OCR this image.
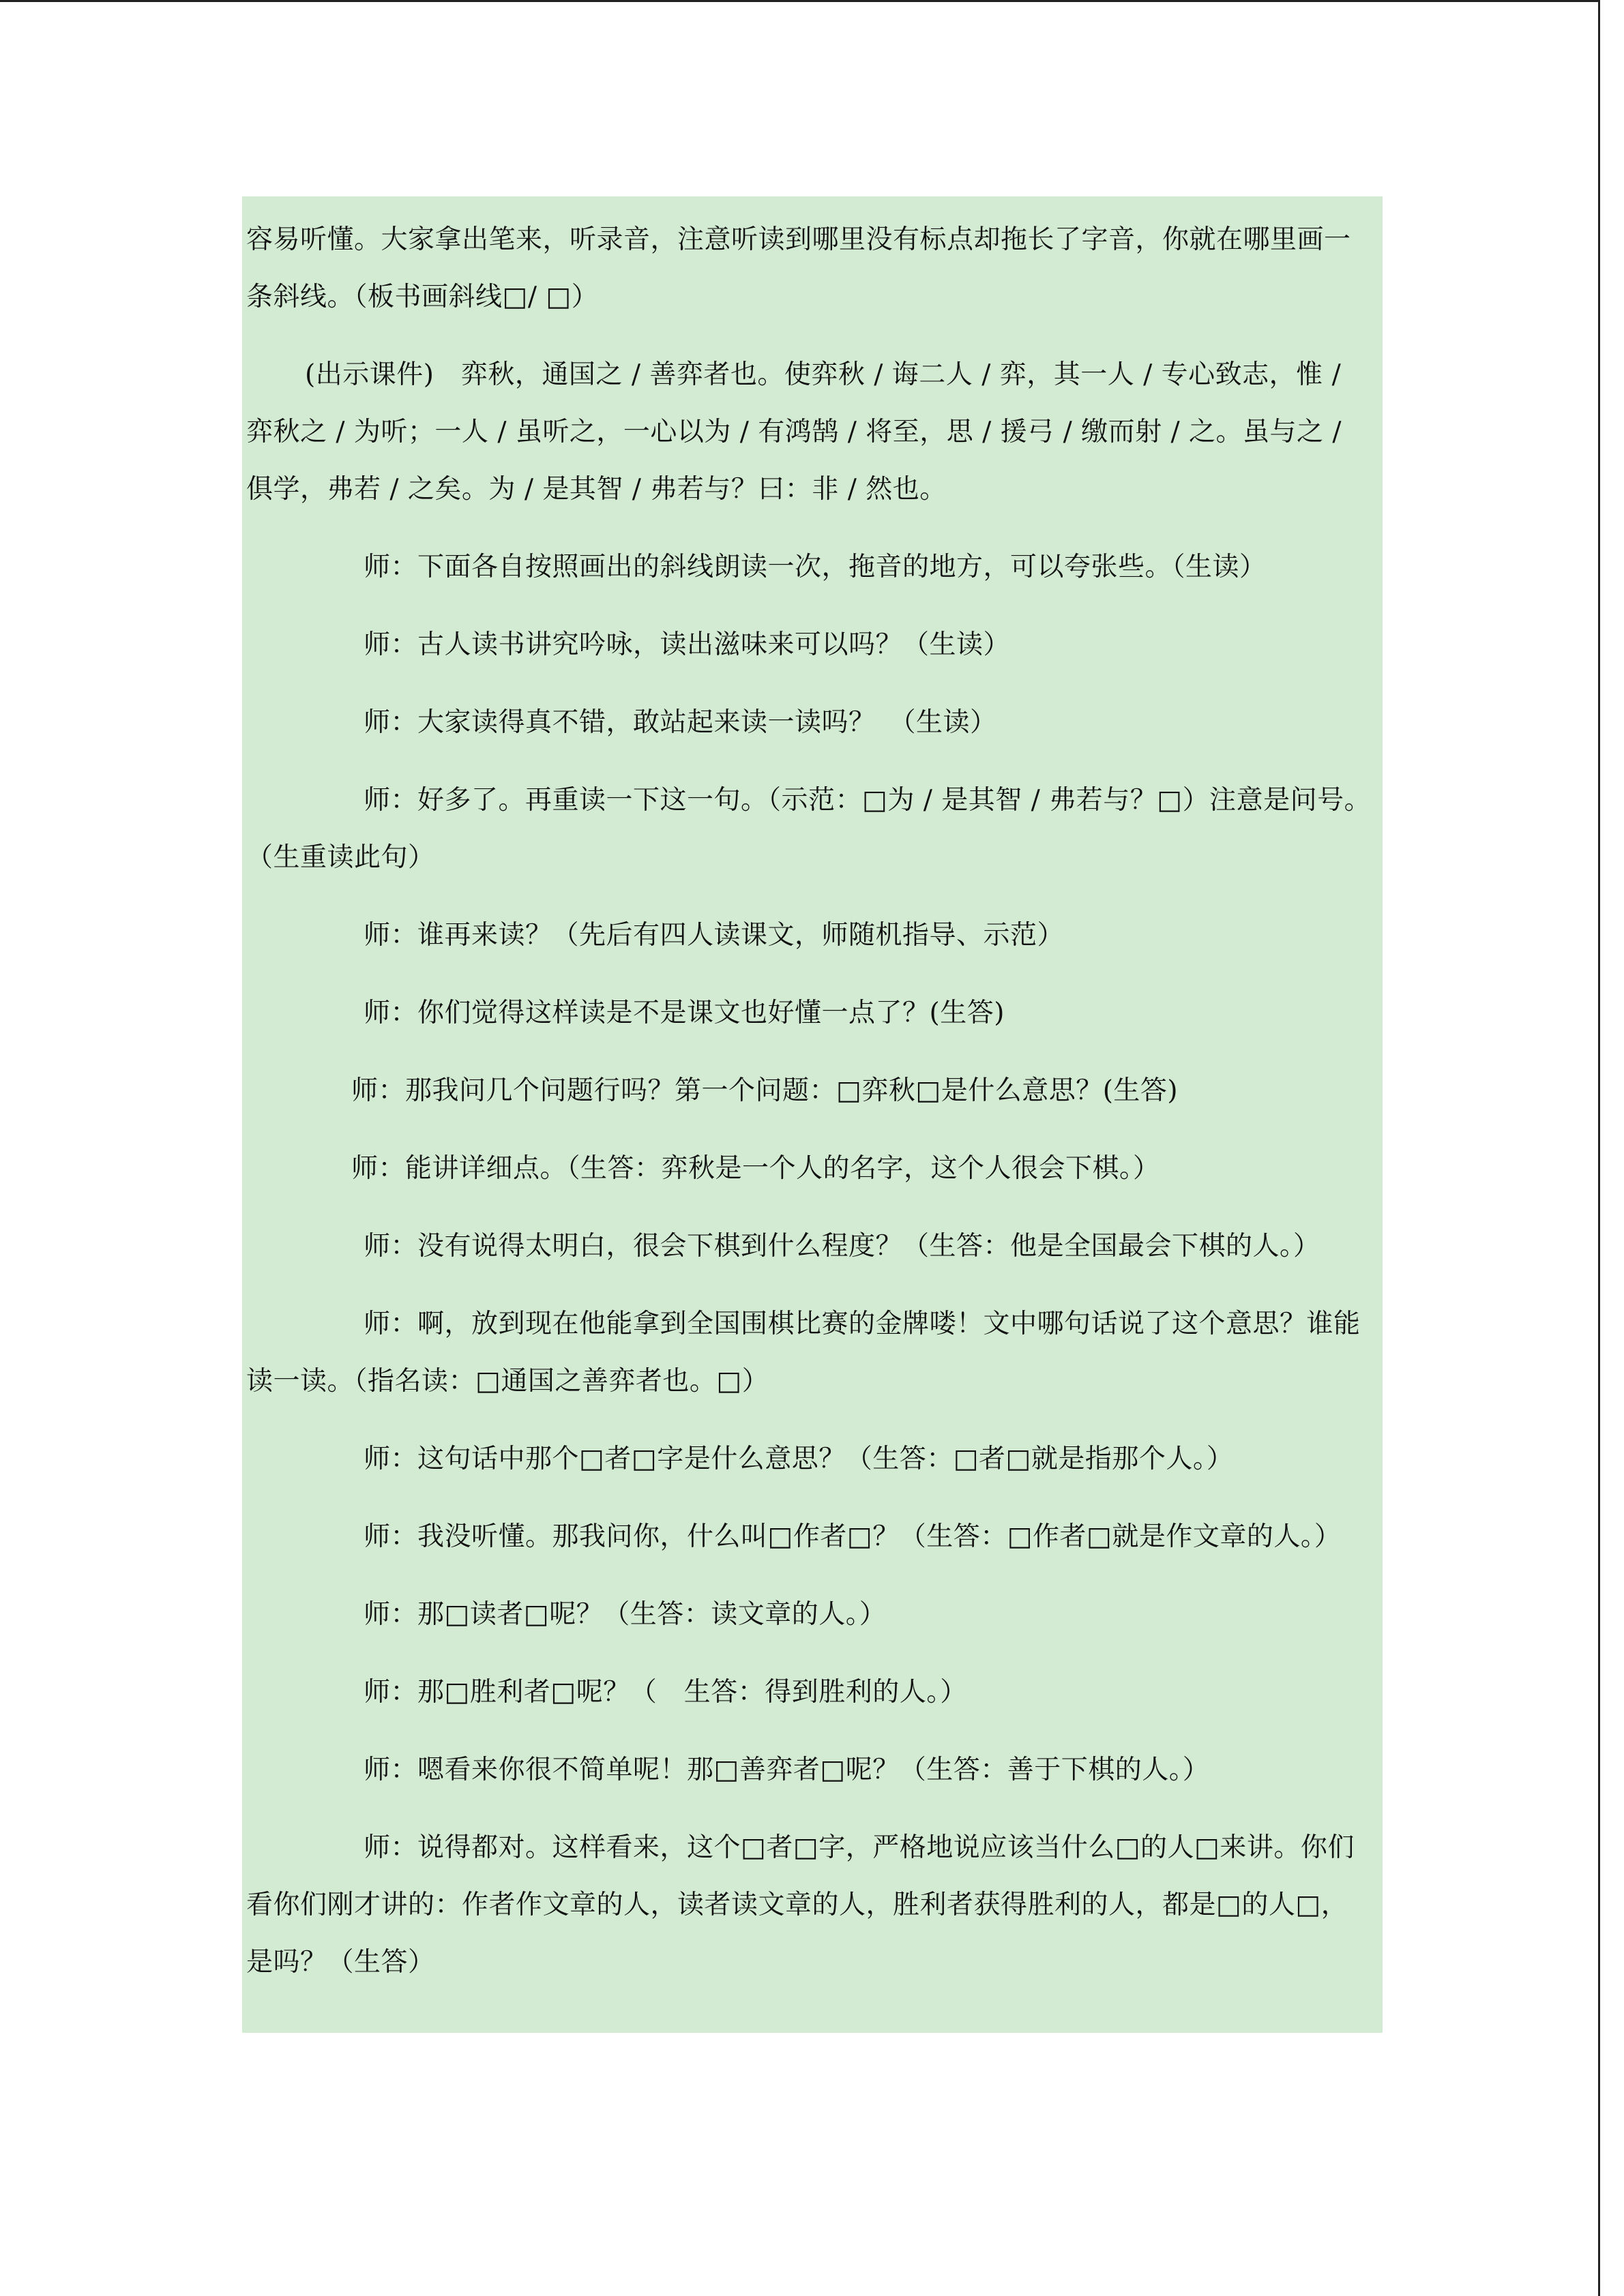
容易听懂。大家拿出笔来，听录音，注意听读到哪里没有标点却拖长了字音，你就在哪里画一条斜线。（板书画斜线□/ □）

(出示课件)　弈秋，通国之 / 善弈者也。使弈秋 / 诲二人 / 弈，其一人 / 专心致志，惟 / 弈秋之 / 为听；一人 / 虽听之，一心以为 / 有鸿鹄 / 将至，思 / 援弓 / 缴而射 / 之。虽与之 / 俱学，弗若 / 之矣。为 / 是其智 / 弗若与？曰：非 / 然也。

师：下面各自按照画出的斜线朗读一次，拖音的地方，可以夸张些。（生读）

师：古人读书讲究吟咏，读出滋味来可以吗？（生读）

师：大家读得真不错，敢站起来读一读吗？　（生读）

师：好多了。再重读一下这一句。（示范：□为 / 是其智 / 弗若与？□）注意是问号。（生重读此句）

师：谁再来读？（先后有四人读课文，师随机指导、示范）

师：你们觉得这样读是不是课文也好懂一点了？(生答)

师：那我问几个问题行吗？第一个问题：□弈秋□是什么意思？(生答)

师：能讲详细点。（生答：弈秋是一个人的名字，这个人很会下棋。）

师：没有说得太明白，很会下棋到什么程度？（生答：他是全国最会下棋的人。）

师：啊，放到现在他能拿到全国围棋比赛的金牌喽！文中哪句话说了这个意思？谁能读一读。（指名读：□通国之善弈者也。□）

师：这句话中那个□者□字是什么意思？（生答：□者□就是指那个人。）

师：我没听懂。那我问你，什么叫□作者□？（生答：□作者□就是作文章的人。）

师：那□读者□呢？（生答：读文章的人。）

师：那□胜利者□呢？（　生答：得到胜利的人。）

师：嗯看来你很不简单呢！那□善弈者□呢？（生答：善于下棋的人。）

师：说得都对。这样看来，这个□者□字，严格地说应该当什么□的人□来讲。你们看你们刚才讲的：作者作文章的人，读者读文章的人，胜利者获得胜利的人，都是□的人□，是吗？（生答）
